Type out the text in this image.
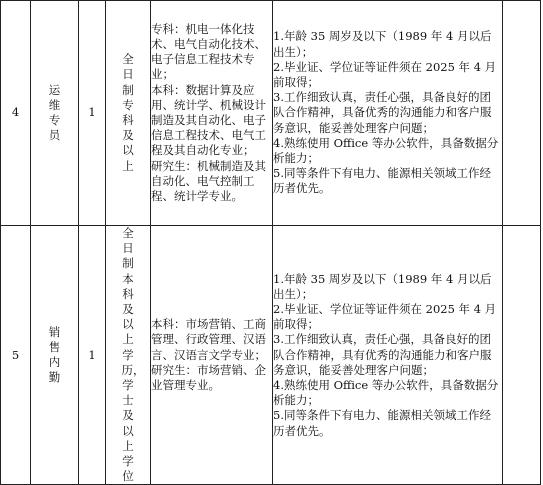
4	运维专员	1	全日制专科及以上	专科：机电一体化技术、电气自动化技术、电子信息工程技术专业；
本科：数据计算及应用、统计学、机械设计制造及其自动化、电子信息工程技术、电气工程及其自动化专业；
研究生：机械制造及其自动化、电气控制工程、统计学专业。	1.年龄 35 周岁及以下（1989 年 4 月以后出生）；
2.毕业证、学位证等证件须在 2025 年 4 月前取得；
3.工作细致认真，责任心强，具备良好的团队合作精神，具备优秀的沟通能力和客户服务意识，能妥善处理客户问题；
4.熟练使用 Office 等办公软件，具备数据分析能力；
5.同等条件下有电力、能源相关领域工作经历者优先。	

5	销售内勤	1	全日制本科及以上学历，学士及以上学位	本科：市场营销、工商管理、行政管理、汉语言、汉语言文学专业；
研究生：市场营销、企业管理专业。	1.年龄 35 周岁及以下（1989 年 4 月以后出生）；
2.毕业证、学位证等证件须在 2025 年 4 月前取得；
3.工作细致认真，责任心强，具备良好的团队合作精神，具有优秀的沟通能力和客户服务意识，能妥善处理客户问题；
4.熟练使用 Office 等办公软件，具备数据分析能力；
5.同等条件下有电力、能源相关领域工作经历者优先。	
